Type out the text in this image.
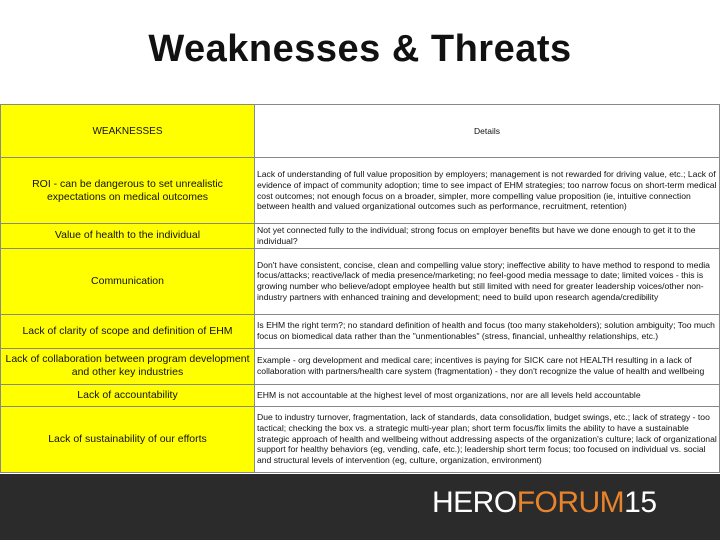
Weaknesses & Threats
WEAKNESSES	Details
ROI - can be dangerous to set unrealistic expectations on medical outcomes	Lack of understanding of full value proposition by employers; management is not rewarded for driving value, etc.; Lack of evidence of impact of community adoption; time to see impact of EHM strategies; too narrow focus on short-term medical cost outcomes; not enough focus on a broader, simpler, more compelling value proposition (ie, intuitive connection between health and valued organizational outcomes such as performance, recruitment, retention)
Value of health to the individual	Not yet connected fully to the individual; strong focus on employer benefits but have we done enough to get it to the individual?
Communication	Don't have consistent, concise, clean and compelling value story; ineffective ability to have method to respond to media focus/attacks; reactive/lack of media presence/marketing; no feel-good media message to date; limited voices - this is growing number who believe/adopt employee health but still limited with need for greater leadership voices/other non-industry partners with enhanced training and development; need to build upon research agenda/credibility
Lack of clarity of scope and definition of EHM	Is EHM the right term?; no standard definition of health and focus (too many stakeholders); solution ambiguity; Too much focus on biomedical data rather than the "unmentionables" (stress, financial, unhealthy relationships, etc.)
Lack of collaboration between program development and other key industries	Example - org development and medical care; incentives is paying for SICK care not HEALTH resulting in a lack of collaboration with partners/health care system (fragmentation) - they don't recognize the value of health and wellbeing
Lack of accountability	EHM is not accountable at the highest level of most organizations, nor are all levels held accountable
Lack of sustainability of our efforts	Due to industry turnover, fragmentation, lack of standards, data consolidation, budget swings, etc.; lack of strategy - too tactical; checking the box vs. a strategic multi-year plan; short term focus/fix limits the ability to have a sustainable strategic approach of health and wellbeing without addressing aspects of the organization's culture; lack of organizational support for healthy behaviors (eg, vending, cafe, etc.); leadership short term focus; too focused on individual vs. social and structural levels of intervention (eg, culture, organization, environment)
HEROFORUM15
